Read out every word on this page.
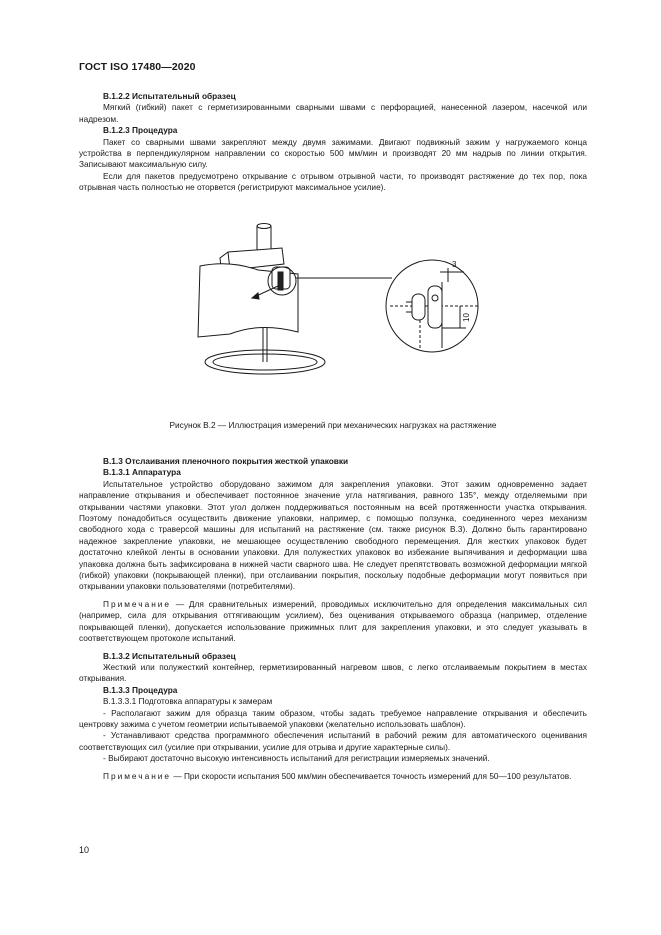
ГОСТ ISO 17480—2020

В.1.2.2 Испытательный образец

Мягкий (гибкий) пакет с герметизированными сварными швами с перфорацией, нанесенной лазером, насечкой или надрезом.

В.1.2.3 Процедура

Пакет со сварными швами закрепляют между двумя зажимами. Двигают подвижный зажим у нагружаемого конца устройства в перпендикулярном направлении со скоростью 500 мм/мин и производят 20 мм надрыв по линии открытия. Записывают максимальную силу.

Если для пакетов предусмотрено открывание с отрывом отрывной части, то производят растяжение до тех пор, пока отрывная часть полностью не оторвется (регистрируют максимальное усилие).

3
10
Рисунок В.2 — Иллюстрация измерений при механических нагрузках на растяжение

В.1.3 Отслаивания пленочного покрытия жесткой упаковки

В.1.3.1 Аппаратура

Испытательное устройство оборудовано зажимом для закрепления упаковки. Этот зажим одновременно задает направление открывания и обеспечивает постоянное значение угла натягивания, равного 135°, между отделяемыми при открывании частями упаковки. Этот угол должен поддерживаться постоянным на всей протяженности участка открывания. Поэтому понадобиться осуществить движение упаковки, например, с помощью ползунка, соединенного через механизм свободного хода с траверсой машины для испытаний на растяжение (см. также рисунок В.3). Должно быть гарантировано надежное закрепление упаковки, не мешающее осуществлению свободного перемещения. Для жестких упаковок будет достаточно клейкой ленты в основании упаковки. Для полужестких упаковок во избежание выпячивания и деформации шва упаковка должна быть зафиксирована в нижней части сварного шва. Не следует препятствовать возможной деформации мягкой (гибкой) упаковки (покрывающей пленки), при отслаивании покрытия, поскольку подобные деформации могут появиться при открывании упаковки пользователями (потребителями).

Примечание — Для сравнительных измерений, проводимых исключительно для определения максимальных сил (например, сила для открывания оттягивающим усилием), без оценивания открываемого образца (например, отделение покрывающей пленки), допускается использование прижимных плит для закрепления упаковки, и это следует указывать в соответствующем протоколе испытаний.

В.1.3.2 Испытательный образец

Жесткий или полужесткий контейнер, герметизированный нагревом швов, с легко отслаиваемым покрытием в местах открывания.

В.1.3.3 Процедура

В.1.3.3.1 Подготовка аппаратуры к замерам

- Располагают зажим для образца таким образом, чтобы задать требуемое направление открывания и обеспечить центровку зажима с учетом геометрии испытываемой упаковки (желательно использовать шаблон).

- Устанавливают средства программного обеспечения испытаний в рабочий режим для автоматического оценивания соответствующих сил (усилие при открывании, усилие для отрыва и другие характерные силы).

- Выбирают достаточно высокую интенсивность испытаний для регистрации измеряемых значений.

Примечание — При скорости испытания 500 мм/мин обеспечивается точность измерений для 50—100 результатов.

10
